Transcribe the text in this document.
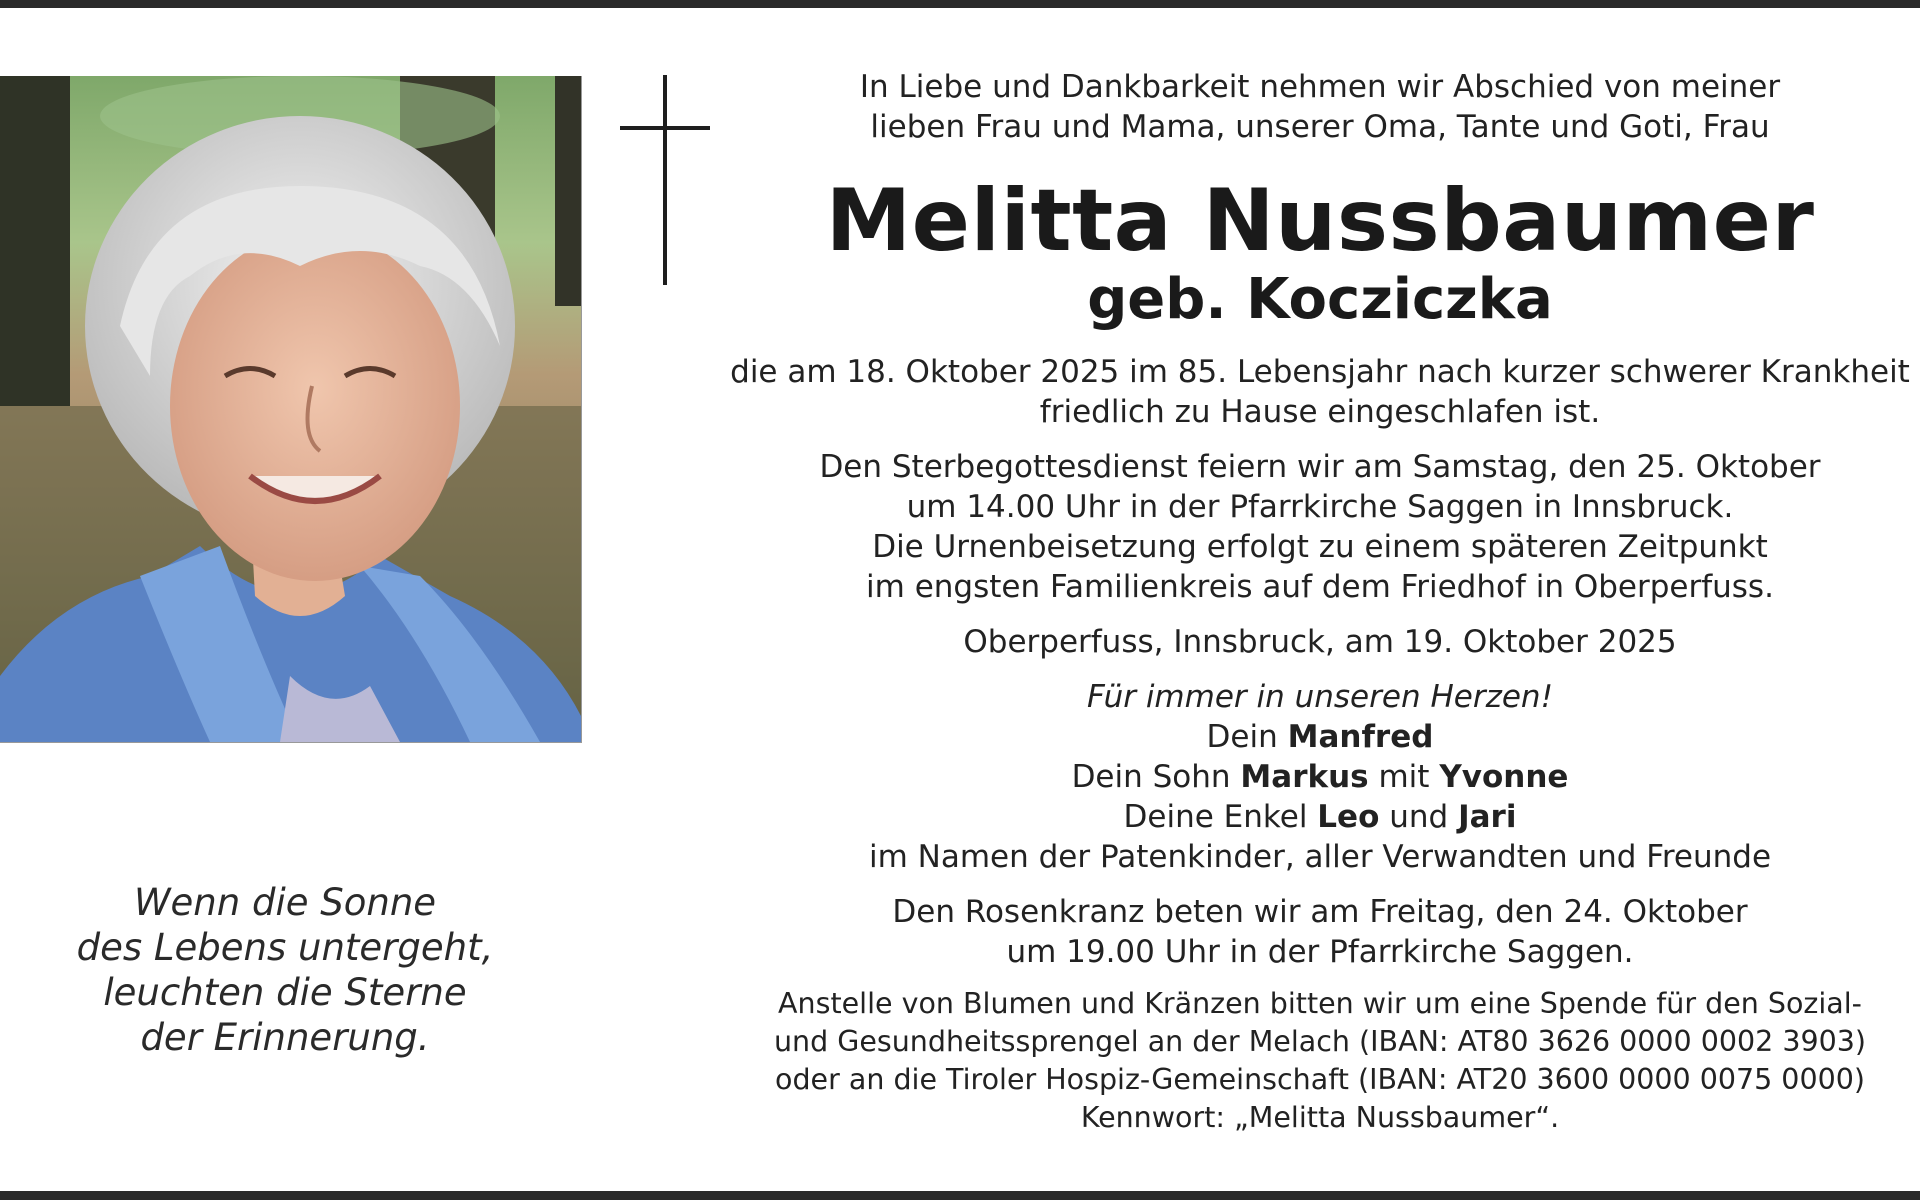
In Liebe und Dankbarkeit nehmen wir Abschied von meiner
lieben Frau und Mama, unserer Oma, Tante und Goti, Frau
Melitta Nussbaumer
geb. Kocziczka
die am 18. Oktober 2025 im 85. Lebensjahr nach kurzer schwerer Krankheit
friedlich zu Hause eingeschlafen ist.
Den Sterbegottesdienst feiern wir am Samstag, den 25. Oktober
um 14.00 Uhr in der Pfarrkirche Saggen in Innsbruck.
Die Urnenbeisetzung erfolgt zu einem späteren Zeitpunkt
im engsten Familienkreis auf dem Friedhof in Oberperfuss.
Oberperfuss, Innsbruck, am 19. Oktober 2025
Für immer in unseren Herzen!
Dein Manfred
Dein Sohn Markus mit Yvonne
Deine Enkel Leo und Jari
im Namen der Patenkinder, aller Verwandten und Freunde
Den Rosenkranz beten wir am Freitag, den 24. Oktober
um 19.00 Uhr in der Pfarrkirche Saggen.
Anstelle von Blumen und Kränzen bitten wir um eine Spende für den Sozial-
und Gesundheitssprengel an der Melach (IBAN: AT80 3626 0000 0002 3903)
oder an die Tiroler Hospiz-Gemeinschaft (IBAN: AT20 3600 0000 0075 0000)
Kennwort: „Melitta Nussbaumer“.
Wenn die Sonne
des Lebens untergeht,
leuchten die Sterne
der Erinnerung.
